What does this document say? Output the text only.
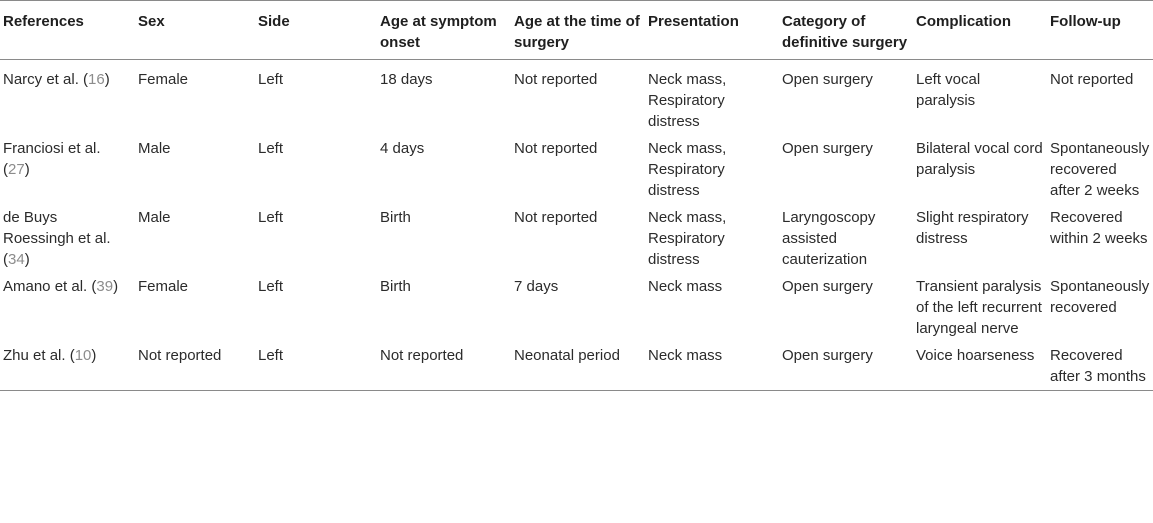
References	Sex	Side	Age at symptom onset	Age at the time of surgery	Presentation	Category of definitive surgery	Complication	Follow-up
Narcy et al. (16)	Female	Left	18 days	Not reported	Neck mass, Respiratory distress	Open surgery	Left vocal paralysis	Not reported
Franciosi et al. (27)	Male	Left	4 days	Not reported	Neck mass, Respiratory distress	Open surgery	Bilateral vocal cord paralysis	Spontaneously recovered after 2 weeks
de Buys Roessingh et al. (34)	Male	Left	Birth	Not reported	Neck mass, Respiratory distress	Laryngoscopy assisted cauterization	Slight respiratory distress	Recovered within 2 weeks
Amano et al. (39)	Female	Left	Birth	7 days	Neck mass	Open surgery	Transient paralysis of the left recurrent laryngeal nerve	Spontaneously recovered
Zhu et al. (10)	Not reported	Left	Not reported	Neonatal period	Neck mass	Open surgery	Voice hoarseness	Recovered after 3 months
